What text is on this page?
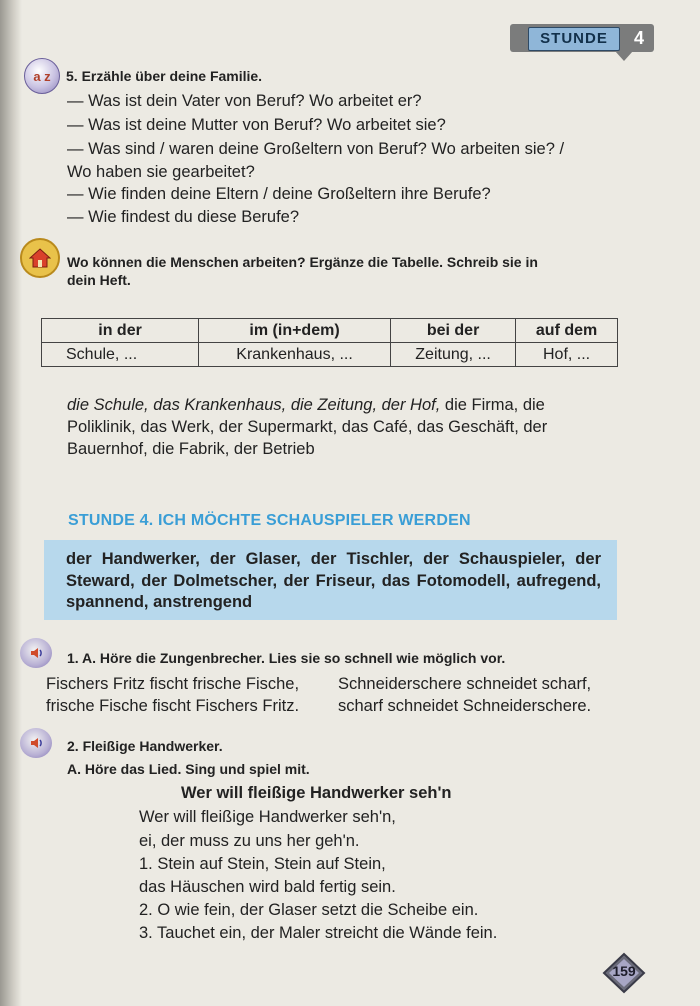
STUNDE	4
a z	5. Erzähle über deine Familie.
— Was ist dein Vater von Beruf? Wo arbeitet er?
— Was ist deine Mutter von Beruf? Wo arbeitet sie?
— Was sind / waren deine Großeltern von Beruf? Wo arbeiten sie? /
Wo haben sie gearbeitet?
— Wie finden deine Eltern / deine Großeltern ihre Berufe?
— Wie findest du diese Berufe?
Wo können die Menschen arbeiten? Ergänze die Tabelle. Schreib sie in
dein Heft.
in der	im (in+dem)	bei der	auf dem
Schule, ...	Krankenhaus, ...	Zeitung, ...	Hof, ...
die Schule, das Krankenhaus, die Zeitung, der Hof, die Firma, die
Poliklinik, das Werk, der Supermarkt, das Café, das Geschäft, der
Bauernhof, die Fabrik, der Betrieb
STUNDE 4. ICH MÖCHTE SCHAUSPIELER WERDEN
der Handwerker, der Glaser, der Tischler, der Schauspieler, der Steward, der Dolmetscher, der Friseur, das Fotomodell, aufregend, spannend, anstrengend
1. A. Höre die Zungenbrecher. Lies sie so schnell wie möglich vor.
Fischers Fritz fischt frische Fische,
frische Fische fischt Fischers Fritz.
Schneiderschere schneidet scharf,
scharf schneidet Schneiderschere.
2. Fleißige Handwerker.
A. Höre das Lied. Sing und spiel mit.
Wer will fleißige Handwerker seh'n
Wer will fleißige Handwerker seh'n,
ei, der muss zu uns her geh'n.
1. Stein auf Stein, Stein auf Stein,
das Häuschen wird bald fertig sein.
2. O wie fein, der Glaser setzt die Scheibe ein.
3. Tauchet ein, der Maler streicht die Wände fein.
159
